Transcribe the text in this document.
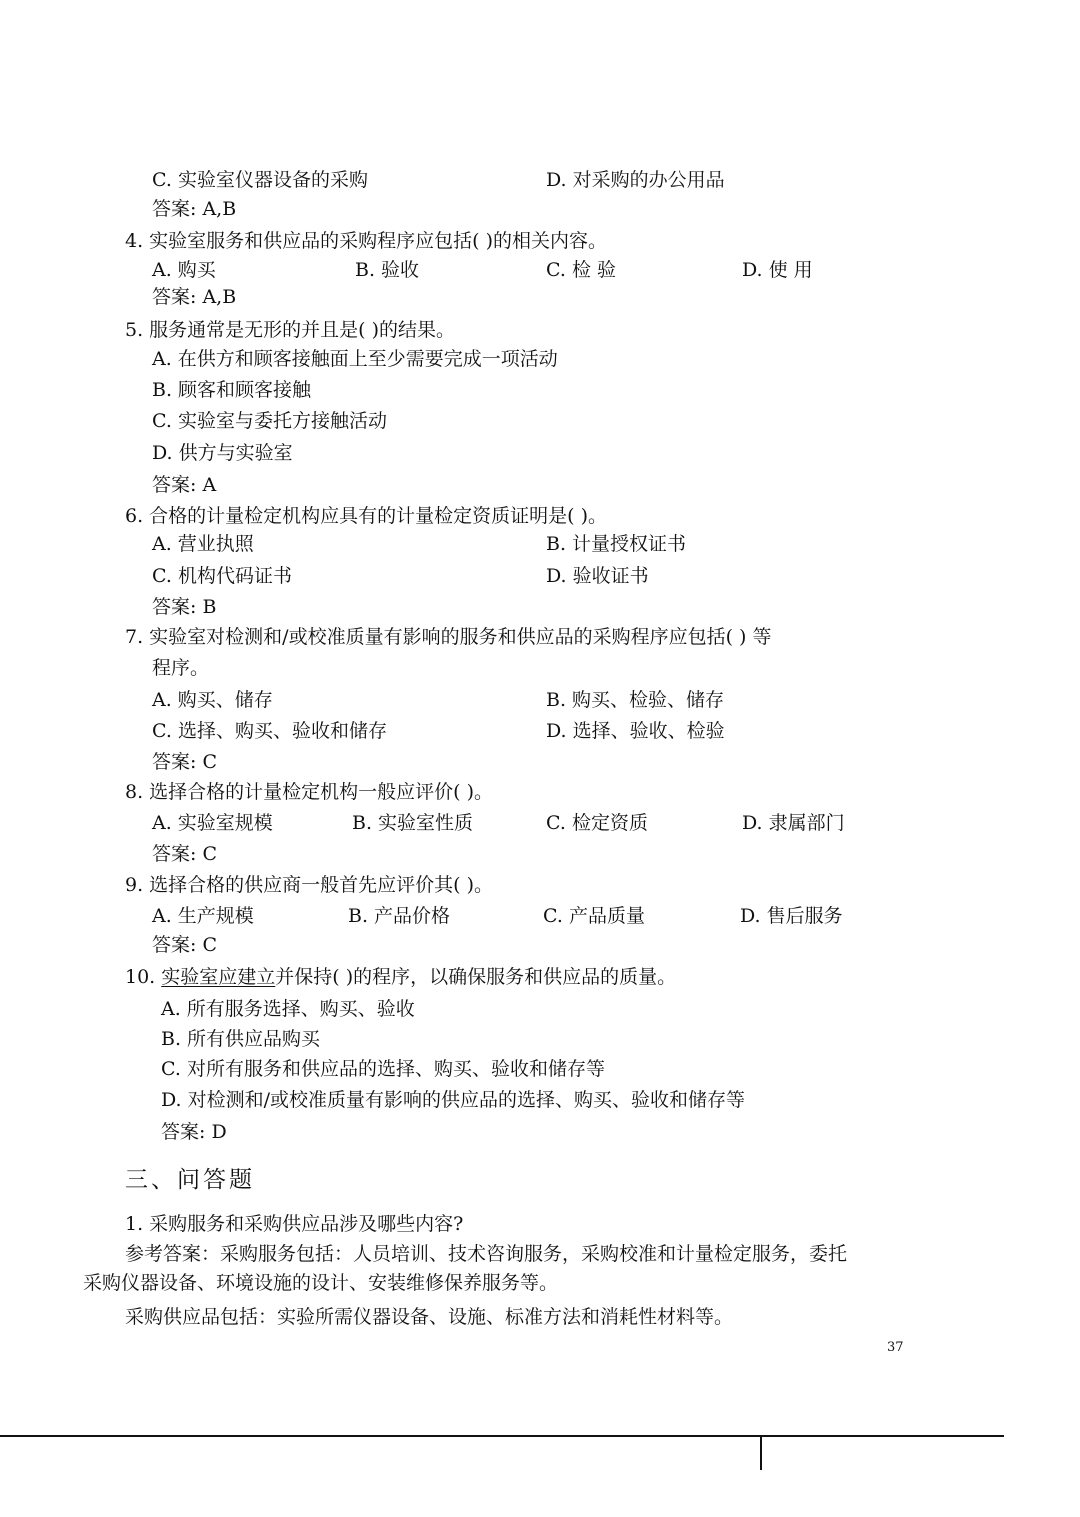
C. 实验室仪器设备的采购	D. 对采购的办公用品
答案: A,B
4. 实验室服务和供应品的采购程序应包括( )的相关内容。
A. 购买	B. 验收	C. 检 验	D. 使 用
答案: A,B
5. 服务通常是无形的并且是( )的结果。
A. 在供方和顾客接触面上至少需要完成一项活动
B. 顾客和顾客接触
C. 实验室与委托方接触活动
D. 供方与实验室
答案: A
6. 合格的计量检定机构应具有的计量检定资质证明是( )。
A. 营业执照	B. 计量授权证书
C. 机构代码证书	D. 验收证书
答案: B
7. 实验室对检测和/或校准质量有影响的服务和供应品的采购程序应包括( ) 等
程序。
A. 购买、储存	B. 购买、检验、储存
C. 选择、购买、验收和储存	D. 选择、验收、检验
答案: C
8. 选择合格的计量检定机构一般应评价( )。
A. 实验室规模	B. 实验室性质	C. 检定资质	D. 隶属部门
答案: C
9. 选择合格的供应商一般首先应评价其( )。
A. 生产规模	B. 产品价格	C. 产品质量	D. 售后服务
答案: C
10. 实验室应建立并保持( )的程序，以确保服务和供应品的质量。
A. 所有服务选择、购买、验收
B. 所有供应品购买
C. 对所有服务和供应品的选择、购买、验收和储存等
D. 对检测和/或校准质量有影响的供应品的选择、购买、验收和储存等
答案: D
三、问答题
1. 采购服务和采购供应品涉及哪些内容?
参考答案：采购服务包括：人员培训、技术咨询服务，采购校准和计量检定服务，委托
采购仪器设备、环境设施的设计、安装维修保养服务等。
采购供应品包括：实验所需仪器设备、设施、标准方法和消耗性材料等。
37
